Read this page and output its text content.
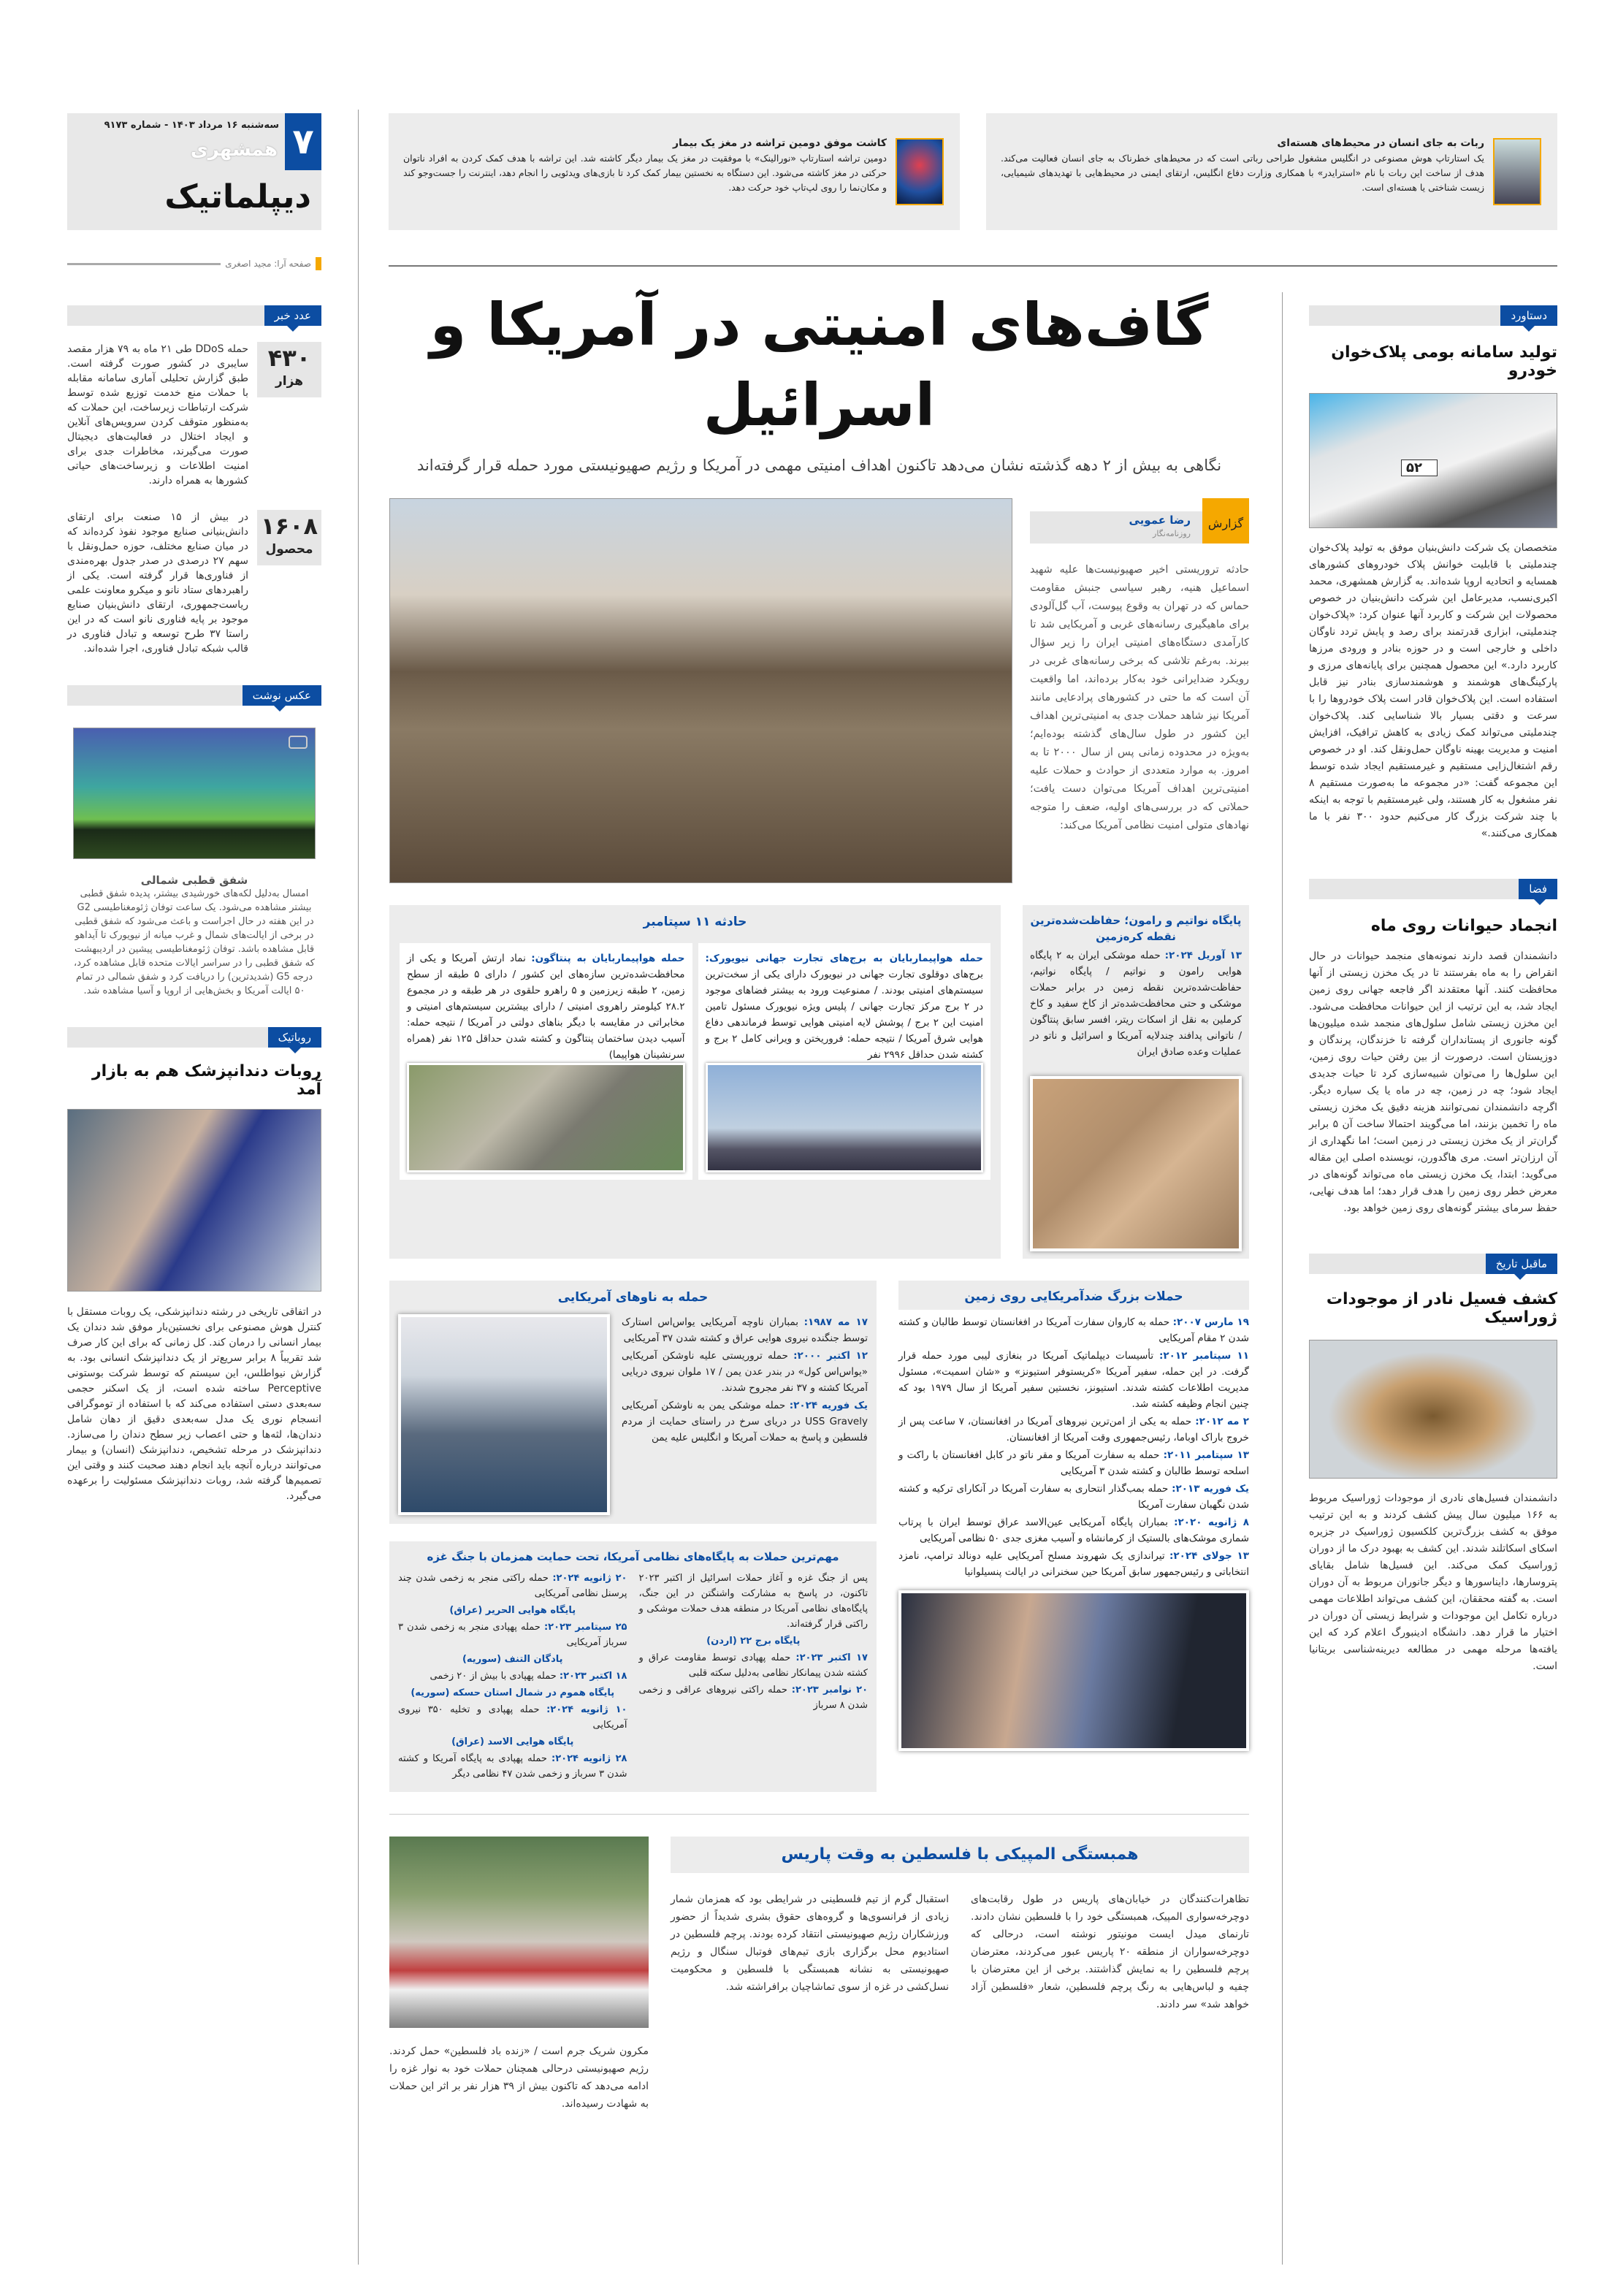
۷
سه‌شنبه ۱۶ مرداد ۱۴۰۳ - شماره ۹۱۷۳
همشهری
دیپلماتیک
صفحه آرا: مجید اصغری
عدد خبر
۴۳۰
هزار
حمله DDoS طی ۲۱ ماه به ۷۹ هزار مقصد سایبری در کشور صورت گرفته است. طبق گزارش تحلیلی آماری سامانه مقابله با حملات منع خدمت توزیع شده توسط شرکت ارتباطات زیرساخت، این حملات که به‌منظور متوقف کردن سرویس‌های آنلاین و ایجاد اختلال در فعالیت‌های دیجیتال صورت می‌گیرند، مخاطرات جدی برای امنیت اطلاعات و زیرساخت‌های حیاتی کشورها به همراه دارند.
۱۶۰۸
محصول
در بیش از ۱۵ صنعت برای ارتقای دانش‌بنیانی صنایع موجود نفوذ کرده‌اند که در میان صنایع مختلف، حوزه حمل‌ونقل با سهم ۲۷ درصدی در صدر جدول بهره‌مندی از فناوری‌ها قرار گرفته است. یکی از راهبردهای ستاد نانو و میکرو معاونت علمی ریاست‌جمهوری، ارتقای دانش‌بنیان صنایع موجود بر پایه فناوری نانو است که در این راستا ۳۷ طرح توسعه و تبادل فناوری در قالب شبکه تبادل فناوری، اجرا شده‌اند.
عکس نوشت
شفق قطبی شمالی
امسال به‌دلیل لکه‌های خورشیدی بیشتر، پدیده شفق قطبی بیشتر مشاهده می‌شود. یک ساعت توفان ژئومغناطیسی G2 در این هفته در حال اجراست و باعث می‌شود که شفق قطبی در برخی از ایالت‌های شمال و غرب میانه از نیویورک تا آیداهو قابل مشاهده باشد. توفان ژئومغناطیسی پیشین در اردیبهشت که شفق قطبی را در سراسر ایالات متحده قابل مشاهده کرد، درجه G5 (شدیدترین) را دریافت کرد و شفق شمالی در تمام ۵۰ ایالت آمریکا و بخش‌هایی از اروپا و آسیا مشاهده شد.
روباتیک
روبات دندانپزشک هم به بازار آمد
در اتفاقی تاریخی در رشته دندانپزشکی، یک روبات مستقل با کنترل هوش مصنوعی برای نخستین‌بار موفق شد دندان یک بیمار انسانی را درمان کند. کل زمانی که برای این کار صرف شد تقریباً ۸ برابر سریع‌تر از یک دندانپزشک انسانی بود. به گزارش نیواطلس، این سیستم که توسط شرکت بوستونی Perceptive ساخته شده است، از یک اسکنر حجمی سه‌بعدی دستی استفاده می‌کند که با استفاده از توموگرافی انسجام نوری یک مدل سه‌بعدی دقیق از دهان شامل دندان‌ها، لثه‌ها و حتی اعصاب زیر سطح دندان را می‌سازد. دندانپزشک در مرحله تشخیص، دندانپزشک (انسان) و بیمار می‌توانند درباره آنچه باید انجام دهند صحبت کنند و وقتی این تصمیم‌ها گرفته شد، روبات دندانپزشک مسئولیت را برعهده می‌گیرد.
ربات به جای انسان در محیط‌های هسته‌ای
یک استارتاپ هوش مصنوعی در انگلیس مشغول طراحی رباتی است که در محیط‌های خطرناک به جای انسان فعالیت می‌کند. هدف از ساخت این ربات با نام «استرایدر» با همکاری وزارت دفاع انگلیس، ارتقای ایمنی در محیط‌هایی با تهدیدهای شیمیایی، زیست شناختی یا هسته‌ای است.
کاشت موفق دومین تراشه در مغز یک بیمار
دومین تراشه استارتاپ «نورالینک» با موفقیت در مغز یک بیمار دیگر کاشته شد. این تراشه با هدف کمک کردن به افراد ناتوان حرکتی در مغز کاشته می‌شود. این دستگاه به نخستین بیمار کمک کرد تا بازی‌های ویدئویی را انجام دهد، اینترنت را جست‌وجو کند و مکان‌نما را روی لپ‌تاپ خود حرکت دهد.
گاف‌های امنیتی در آمریکا و اسرائیل
نگاهی به بیش از ۲ دهه گذشته نشان می‌دهد تاکنون اهداف امنیتی مهمی در آمریکا و رژیم صهیونیستی مورد حمله قرار گرفته‌اند
گزارش
رضا عمویی
روزنامه‌نگار
حادثه تروریستی اخیر صهیونیست‌ها علیه شهید اسماعیل هنیه، رهبر سیاسی جنبش مقاومت حماس که در تهران به وقوع پیوست، آب گل‌آلودی برای ماهیگیری رسانه‌های غربی و آمریکایی شد تا کارآمدی دستگاه‌های امنیتی ایران را زیر سؤال ببرند. به‌رغم تلاشی که برخی رسانه‌های غربی در رویکرد ضدایرانی خود به‌کار برده‌اند، اما واقعیت آن است که ما حتی در کشورهای پرادعایی مانند آمریکا نیز شاهد حملات جدی به امنیتی‌ترین اهداف این کشور در طول سال‌های گذشته بوده‌ایم؛ به‌ویژه در محدوده زمانی پس از سال ۲۰۰۰ تا به امروز. به موارد متعددی از حوادث و حملات علیه امنیتی‌ترین اهداف آمریکا می‌توان دست یافت؛ حملاتی که در بررسی‌های اولیه، ضعف را متوجه نهادهای متولی امنیت نظامی آمریکا می‌کند:
پایگاه نواتیم و رامون؛ حفاظت‌شده‌ترین نقطه کره‌زمین
۱۳ آوریل ۲۰۲۴: حمله موشکی ایران به ۲ پایگاه هوایی رامون و نواتیم / پایگاه نواتیم، حفاظت‌شده‌ترین نقطه زمین در برابر حملات موشکی و حتی محافظت‌شده‌تر از کاخ سفید و کاخ کرملین به نقل از اسکات ریتر، افسر سابق پنتاگون / ناتوانی پدافند چندلایه آمریکا و اسرائیل و ناتو در عملیات وعده صادق ایران
حادثه ۱۱ سپتامبر
حمله هواپیماربایان به برج‌های تجارت جهانی نیویورک: برج‌های دوقلوی تجارت جهانی در نیویورک دارای یکی از سخت‌ترین سیستم‌های امنیتی بودند. / ممنوعیت ورود به بیشتر فضاهای موجود در ۲ برج مرکز تجارت جهانی / پلیس ویژه نیویورک مسئول تامین امنیت این ۲ برج / پوشش لایه امنیتی هوایی توسط فرماندهی دفاع هوایی شرق آمریکا / نتیجه حمله: فروریختن و ویرانی کامل ۲ برج و کشته شدن حداقل ۲۹۹۶ نفر
حمله هواپیماربایان به پنتاگون: نماد ارتش آمریکا و یکی از محافظت‌شده‌ترین سازه‌های این کشور / دارای ۵ طبقه از سطح زمین، ۲ طبقه زیرزمین و ۵ راهرو حلقوی در هر طبقه و در مجموع ۲۸.۲ کیلومتر راهروی امنیتی / دارای بیشترین سیستم‌های امنیتی و مخابراتی در مقایسه با دیگر بناهای دولتی در آمریکا / نتیجه حمله: آسیب دیدن ساختمان پنتاگون و کشته شدن حداقل ۱۲۵ نفر (همراه سرنشینان هواپیما)
حملات بزرگ ضدآمریکایی روی زمین

۱۹ مارس ۲۰۰۷: حمله به کاروان سفارت آمریکا در افغانستان توسط طالبان و کشته شدن ۲ مقام آمریکایی

۱۱ سپتامبر ۲۰۱۲: تأسیسات دیپلماتیک آمریکا در بنغازی لیبی مورد حمله قرار گرفت. در این حمله، سفیر آمریکا «کریستوفر استیونز» و «شان اسمیت»، مسئول مدیریت اطلاعات کشته شدند. استیونز، نخستین سفیر آمریکا از سال ۱۹۷۹ بود که چنین انجام وظیفه کشته شد.

۲ مه ۲۰۱۲: حمله به یکی از امن‌ترین نیروهای آمریکا در افغانستان، ۷ ساعت پس از خروج باراک اوباما، رئیس‌جمهوری وقت آمریکا از افغانستان.

۱۳ سپتامبر ۲۰۱۱: حمله به سفارت آمریکا و مقر ناتو در کابل افغانستان با راکت و اسلحه توسط طالبان و کشته شدن ۳ آمریکایی

یک فوریه ۲۰۱۳: حمله بمب‌گذار انتحاری به سفارت آمریکا در آنکارای ترکیه و کشته شدن نگهبان سفارت آمریکا

۸ ژانویه ۲۰۲۰: بمباران پایگاه آمریکایی عین‌الاسد عراق توسط ایران با پرتاب شماری موشک‌های بالستیک از کرمانشاه و آسیب مغزی جدی ۵۰ نظامی آمریکایی

۱۳ جولای ۲۰۲۴: تیراندازی یک شهروند مسلح آمریکایی علیه دونالد ترامپ، نامزد انتخاباتی و رئیس‌جمهور سابق آمریکا حین سخنرانی در ایالت پنسیلوانیا

حمله به ناوهای آمریکایی

۱۷ مه ۱۹۸۷: بمباران ناوچه آمریکایی یواس‌اس استارک توسط جنگنده نیروی هوایی عراق و کشته شدن ۳۷ آمریکایی

۱۲ اکتبر ۲۰۰۰: حمله تروریستی علیه ناوشکن آمریکایی «یواس‌اس کول» در بندر عدن یمن / ۱۷ ملوان نیروی دریایی آمریکا کشته و ۳۷ نفر مجروح شدند.

یک فوریه ۲۰۲۴: حمله موشکی یمن به ناوشکن آمریکایی USS Gravely در دریای سرخ در راستای حمایت از مردم فلسطین و پاسخ به حملات آمریکا و انگلیس علیه یمن

مهم‌ترین حملات به پایگاه‌های نظامی آمریکا، تحت حمایت همزمان با جنگ غزه

پس از جنگ غزه و آغاز حملات اسرائیل از اکتبر ۲۰۲۳ تاکنون، در پاسخ به مشارکت واشنگتن در این جنگ، پایگاه‌های نظامی آمریکا در منطقه هدف حملات موشکی و راکتی قرار گرفته‌اند.

پایگاه برج ۲۲ (اردن)

۱۷ اکتبر ۲۰۲۳: حمله پهپادی توسط مقاومت عراق و کشته شدن پیمانکار نظامی به‌دلیل سکته قلبی

۲۰ نوامبر ۲۰۲۳: حمله راکتی نیروهای عراقی و زخمی شدن ۸ سرباز

۲۰ ژانویه ۲۰۲۴: حمله راکتی منجر به زخمی شدن چند پرسنل نظامی آمریکایی

پایگاه هوایی الحریر (عراق)

۲۵ سپتامبر ۲۰۲۳: حمله پهپادی منجر به زخمی شدن ۳ سرباز آمریکایی

پادگان التنف (سوریه)

۱۸ اکتبر ۲۰۲۳: حمله پهپادی با بیش از ۲۰ زخمی

پایگاه هموم در شمال استان حسکه (سوریه)

۱۰ ژانویه ۲۰۲۴: حمله پهپادی و تخلیه ۳۵۰ نیروی آمریکایی

پایگاه هوایی الاسد (عراق)

۲۸ ژانویه ۲۰۲۴: حمله پهپادی به پایگاه آمریکا و کشته شدن ۳ سرباز و زخمی شدن ۴۷ نظامی دیگر

همبستگی المپیکی با فلسطین به وقت پاریس
تظاهرات‌کنندگان در خیابان‌های پاریس در طول رقابت‌های دوچرخه‌سواری المپیک، همبستگی خود را با فلسطین نشان دادند. تارنمای میدل ایست مونیتور نوشته است، درحالی که دوچرخه‌سواران از منطقه ۲۰ پاریس عبور می‌کردند، معترضان پرچم فلسطین را به نمایش گذاشتند. برخی از این معترضان با چفیه و لباس‌هایی به رنگ پرچم فلسطین، شعار «فلسطین آزاد خواهد شد» سر دادند.
استقبال گرم از تیم فلسطینی در شرایطی بود که همزمان شمار زیادی از فرانسوی‌ها و گروه‌های حقوق بشری شدیداً از حضور ورزشکاران رژیم صهیونیستی انتقاد کرده بودند. پرچم فلسطین در استادیوم محل برگزاری بازی تیم‌های فوتبال سنگال و رژیم صهیونیستی به نشانه همبستگی با فلسطین و محکومیت نسل‌کشی در غزه از سوی تماشاچیان برافراشته شد.
مکرون شریک جرم است / «زنده باد فلسطین» حمل کردند. رژیم صهیونیستی درحالی همچنان حملات خود به نوار غزه را ادامه می‌دهد که تاکنون بیش از ۳۹ هزار نفر بر اثر این حملات به شهادت رسیده‌اند.
دستاورد
تولید سامانه بومی پلاک‌خوان خودرو
۵۲
متخصصان یک شرکت دانش‌بنیان موفق به تولید پلاک‌خوان چندملیتی با قابلیت خوانش پلاک خودروهای کشورهای همسایه و اتحادیه اروپا شده‌اند. به گزارش همشهری، محمد اکبری‌نسب، مدیرعامل این شرکت دانش‌بنیان در خصوص محصولات این شرکت و کاربرد آنها عنوان کرد: «پلاک‌خوان چندملیتی، ابزاری قدرتمند برای رصد و پایش تردد ناوگان داخلی و خارجی است و در حوزه بنادر و ورودی مرزها کاربرد دارد.» این محصول همچنین برای پایانه‌های مرزی و پارکینگ‌های هوشمند و هوشمندسازی بنادر نیز قابل استفاده است. این پلاک‌خوان قادر است پلاک خودروها را با سرعت و دقتی بسیار بالا شناسایی کند. پلاک‌خوان چندملیتی می‌تواند کمک زیادی به کاهش ترافیک، افزایش امنیت و مدیریت بهینه ناوگان حمل‌ونقل کند. او در خصوص رقم اشتغال‌زایی مستقیم و غیرمستقیم ایجاد شده توسط این مجموعه گفت: «در مجموعه ما به‌صورت مستقیم ۸ نفر مشغول به کار هستند، ولی غیرمستقیم با توجه به اینکه با چند شرکت بزرگ کار می‌کنیم حدود ۳۰۰ نفر با ما همکاری می‌کنند.»
فضا
انجماد حیوانات روی ماه
دانشمندان قصد دارند نمونه‌های منجمد حیوانات در حال انقراض را به ماه بفرستند تا در یک مخزن زیستی از آنها محافظت کنند. آنها معتقدند اگر فاجعه جهانی روی زمین ایجاد شد، به این ترتیب از این حیوانات محافظت می‌شود. این مخزن زیستی شامل سلول‌های منجمد شده میلیون‌ها گونه جانوری از پستانداران گرفته تا خزندگان، پرندگان و دوزیستان است. درصورت از بین رفتن حیات روی زمین، این سلول‌ها را می‌توان شبیه‌سازی کرد تا حیات جدیدی ایجاد شود؛ چه در زمین، چه در ماه یا یک سیاره دیگر. اگرچه دانشمندان نمی‌توانند هزینه دقیق یک مخزن زیستی ماه را تخمین بزنند، اما می‌گویند احتمالا ساخت آن ۵ برابر گران‌تر از یک مخزن زیستی در زمین است؛ اما نگهداری از آن ارزان‌تر است. مری هاگدورن، نویسنده اصلی این مقاله می‌گوید: ابتدا، یک مخزن زیستی ماه می‌تواند گونه‌های در معرض خطر روی زمین را هدف قرار دهد؛ اما هدف نهایی، حفظ سرمای بیشتر گونه‌های روی زمین خواهد بود.
ماقبل تاریخ
کشف فسیل نادر از موجودات ژوراسیک
دانشمندان فسیل‌های نادری از موجودات ژوراسیک مربوط به ۱۶۶ میلیون سال پیش کشف کردند و به این ترتیب موفق به کشف بزرگ‌ترین کلکسیون ژوراسیک در جزیره اسکای اسکاتلند شدند. این کشف به بهبود درک ما از دوران ژوراسیک کمک می‌کند. این فسیل‌ها شامل بقایای پتروسارها، دایناسورها و دیگر جانوران مربوط به آن دوران است. به گفته محققان، این کشف می‌تواند اطلاعات مهمی درباره تکامل این موجودات و شرایط زیستی آن دوران در اختیار ما قرار دهد. دانشگاه ادینبورگ اعلام کرد که این یافته‌ها مرحله مهمی در مطالعه دیرینه‌شناسی بریتانیا است.
